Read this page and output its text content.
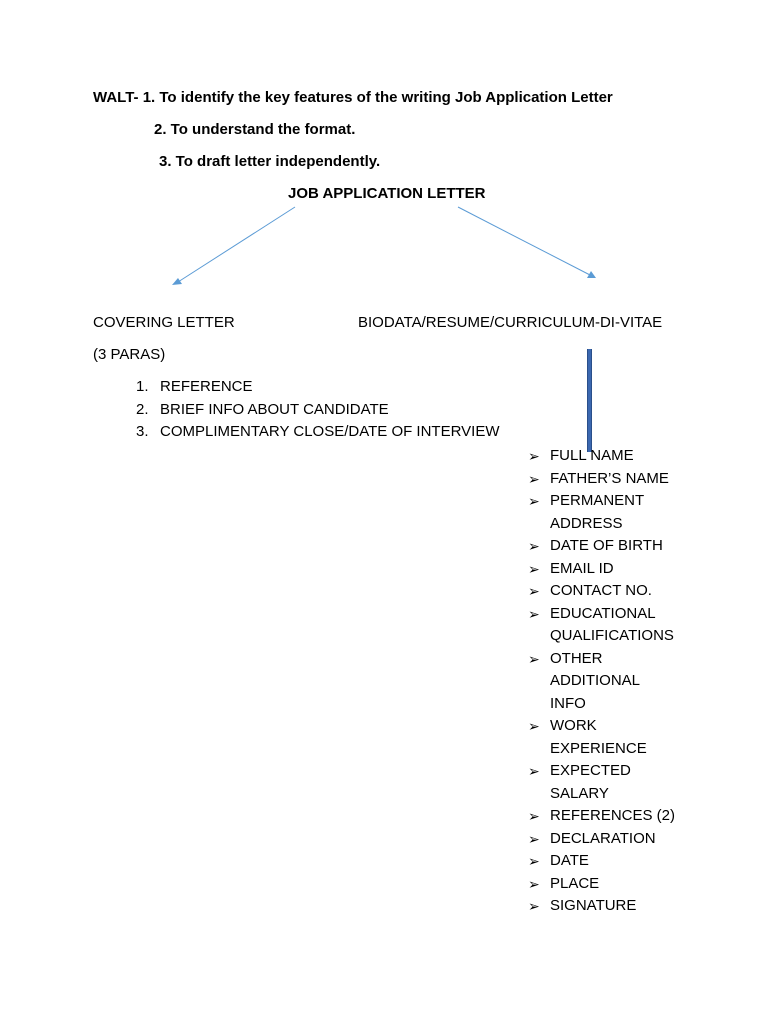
WALT- 1. To identify the key features of the writing Job Application Letter
2. To understand the format.
3. To draft letter independently.
JOB APPLICATION LETTER
COVERING LETTER	BIODATA/RESUME/CURRICULUM-DI-VITAE
(3 PARAS)
1. REFERENCE
2. BRIEF INFO ABOUT CANDIDATE
3. COMPLIMENTARY CLOSE/DATE OF INTERVIEW
➢ FULL NAME
➢ FATHER’S NAME
➢ PERMANENT
ADDRESS
➢ DATE OF BIRTH
➢ EMAIL ID
➢ CONTACT NO.
➢ EDUCATIONAL
QUALIFICATIONS
➢ OTHER
ADDITIONAL
INFO
➢ WORK
EXPERIENCE
➢ EXPECTED
SALARY
➢ REFERENCES (2)
➢ DECLARATION
➢ DATE
➢ PLACE
➢ SIGNATURE
